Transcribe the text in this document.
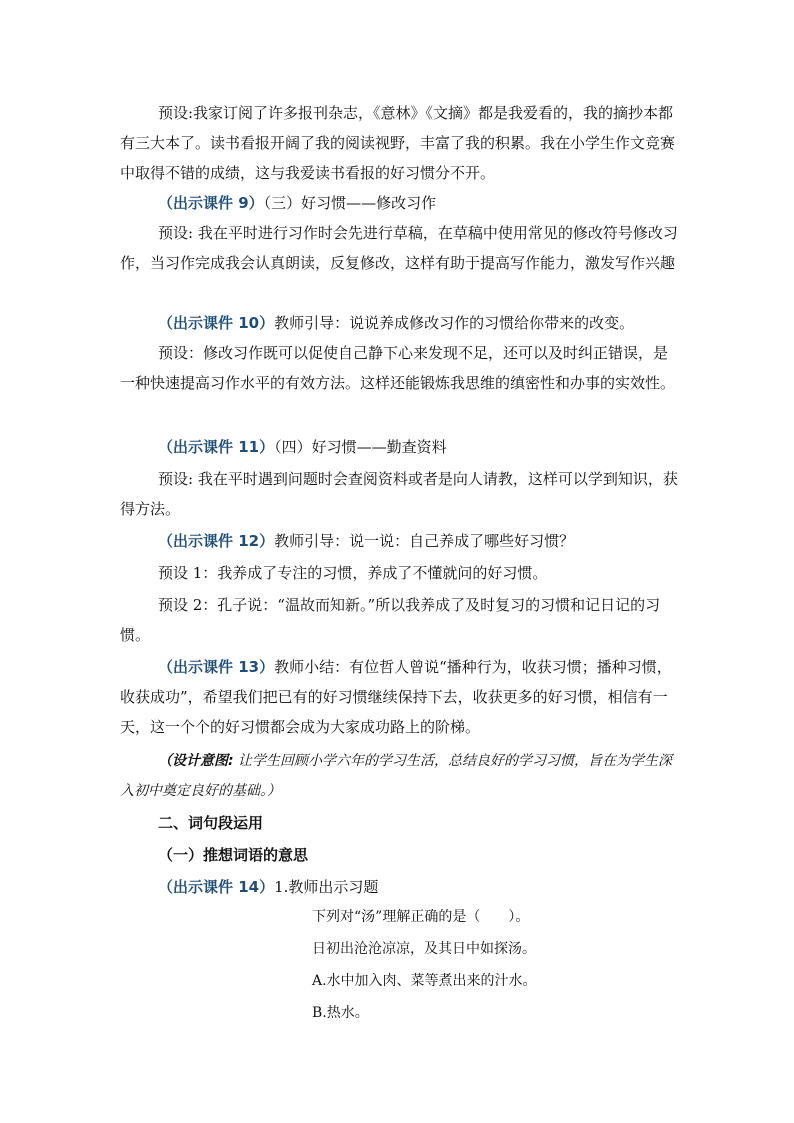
预设:我家订阅了许多报刊杂志，《意林》《文摘》都是我爱看的，我的摘抄本都有三大本了。读书看报开阔了我的阅读视野，丰富了我的积累。我在小学生作文竞赛中取得不错的成绩，这与我爱读书看报的好习惯分不开。

（出示课件 9）（三）好习惯——修改习作

预设: 我在平时进行习作时会先进行草稿，在草稿中使用常见的修改符号修改习作，当习作完成我会认真朗读，反复修改，这样有助于提高写作能力，激发写作兴趣

（出示课件 10）教师引导：说说养成修改习作的习惯给你带来的改变。

预设：修改习作既可以促使自己静下心来发现不足，还可以及时纠正错误，是一种快速提高习作水平的有效方法。这样还能锻炼我思维的缜密性和办事的实效性。

（出示课件 11）（四）好习惯——勤查资料

预设: 我在平时遇到问题时会查阅资料或者是向人请教，这样可以学到知识，获得方法。

（出示课件 12）教师引导：说一说：自己养成了哪些好习惯？

预设 1：我养成了专注的习惯，养成了不懂就问的好习惯。

预设 2：孔子说：“温故而知新。”所以我养成了及时复习的习惯和记日记的习惯。

（出示课件 13）教师小结：有位哲人曾说“播种行为，收获习惯；播种习惯，收获成功”，希望我们把已有的好习惯继续保持下去，收获更多的好习惯，相信有一天，这一个个的好习惯都会成为大家成功路上的阶梯。

（设计意图: 让学生回顾小学六年的学习生活，总结良好的学习习惯，旨在为学生深入初中奠定良好的基础。）

二、词句段运用

（一）推想词语的意思

（出示课件 14）1.教师出示习题

下列对“汤”理解正确的是（　　）。

日初出沧沧凉凉，及其日中如探汤。

A.水中加入肉、菜等煮出来的汁水。

B.热水。
